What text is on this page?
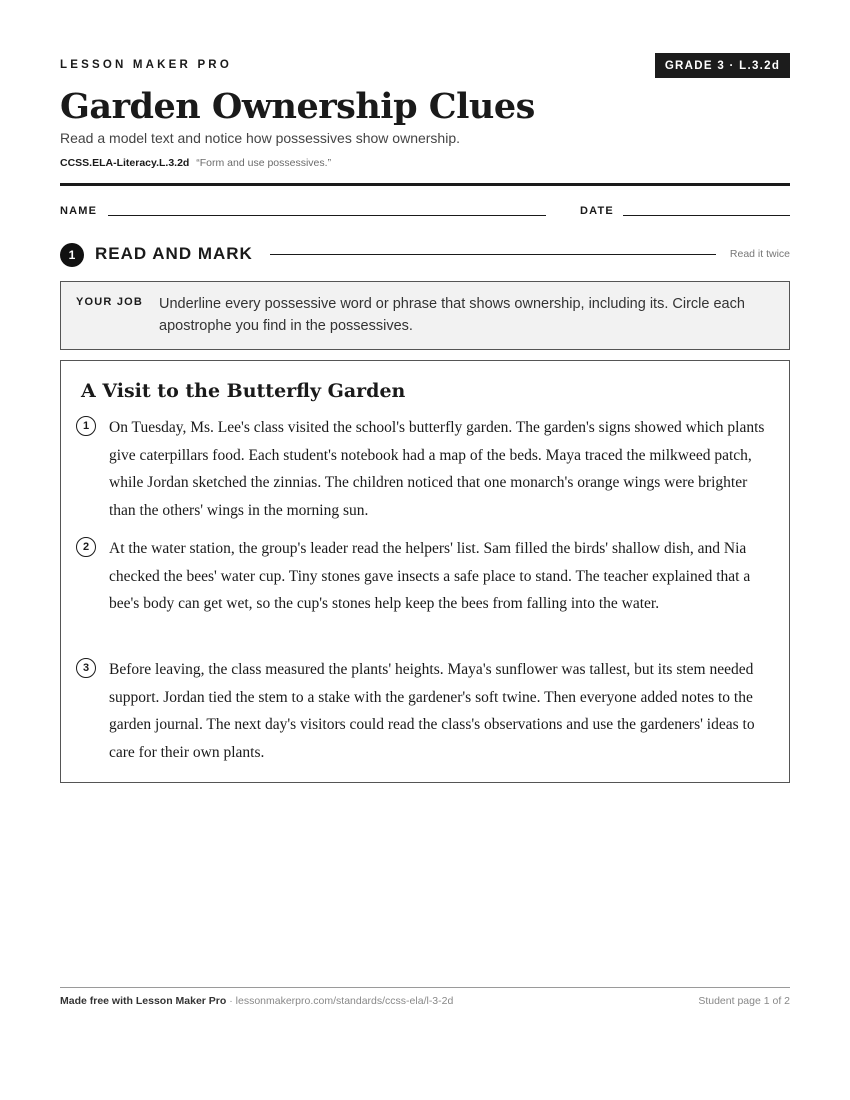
LESSON MAKER PRO	GRADE 3 · L.3.2d
Garden Ownership Clues
Read a model text and notice how possessives show ownership.
CCSS.ELA-Literacy.L.3.2d “Form and use possessives.”
NAME	DATE
1	READ AND MARK	Read it twice
YOUR JOB Underline every possessive word or phrase that shows ownership, including its. Circle each apostrophe you find in the possessives.
A Visit to the Butterfly Garden
1	On Tuesday, Ms. Lee's class visited the school's butterfly garden. The garden's signs showed which plants give caterpillars food. Each student's notebook had a map of the beds. Maya traced the milkweed patch, while Jordan sketched the zinnias. The children noticed that one monarch's orange wings were brighter than the others' wings in the morning sun.
2	At the water station, the group's leader read the helpers' list. Sam filled the birds' shallow dish, and Nia checked the bees' water cup. Tiny stones gave insects a safe place to stand. The teacher explained that a bee's body can get wet, so the cup's stones help keep the bees from falling into the water.
3	Before leaving, the class measured the plants' heights. Maya's sunflower was tallest, but its stem needed support. Jordan tied the stem to a stake with the gardener's soft twine. Then everyone added notes to the garden journal. The next day's visitors could read the class's observations and use the gardeners' ideas to care for their own plants.
Made free with Lesson Maker Pro · lessonmakerpro.com/standards/ccss-ela/l-3-2d	Student page 1 of 2
